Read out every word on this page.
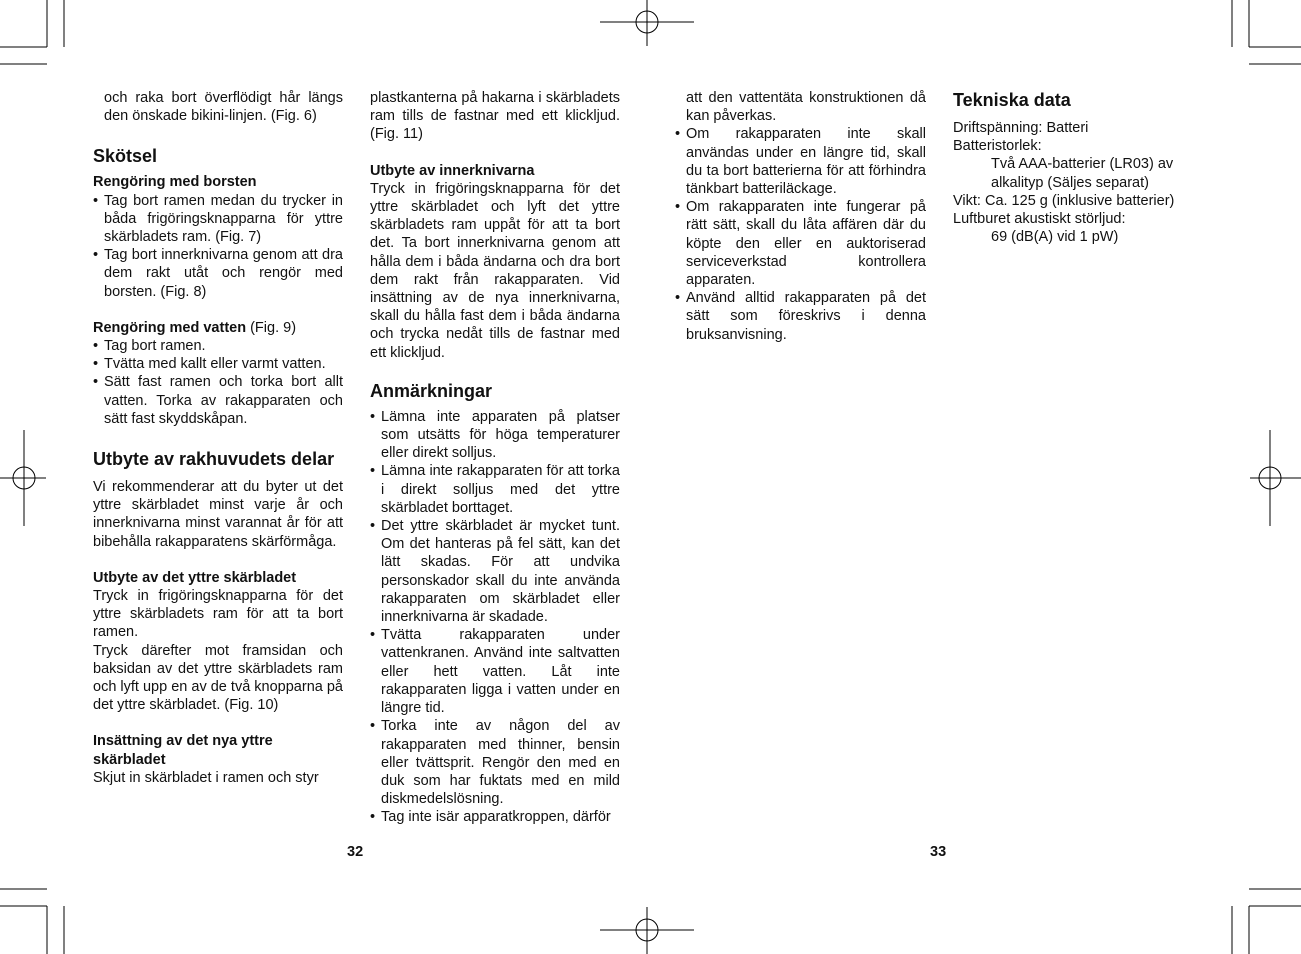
och raka bort överflödigt hår längs den önskade bikini-linjen. (Fig. 6)

Skötsel
Rengöring med borsten
• Tag bort ramen medan du trycker in båda frigöringsknapparna för yttre skärbladets ram. (Fig. 7)
• Tag bort innerknivarna genom att dra dem rakt utåt och rengör med borsten. (Fig. 8)

Rengöring med vatten (Fig. 9)

• Tag bort ramen.
• Tvätta med kallt eller varmt vatten.
• Sätt fast ramen och torka bort allt vatten. Torka av rakapparaten och sätt fast skyddskåpan.
Utbyte av rakhuvudets delar

Vi rekommenderar att du byter ut det yttre skärbladet minst varje år och innerknivarna minst varannat år för att bibehålla rakapparatens skärförmåga.

Utbyte av det yttre skärbladet

Tryck in frigöringsknapparna för det yttre skärbladets ram för att ta bort ramen.

Tryck därefter mot framsidan och baksidan av det yttre skärbladets ram och lyft upp en av de två knopparna på det yttre skärbladet. (Fig. 10)

Insättning av det nya yttre skärbladet

Skjut in skärbladet i ramen och styr

plastkanterna på hakarna i skärbladets ram tills de fastnar med ett klickljud. (Fig. 11)

Utbyte av innerknivarna

Tryck in frigöringsknapparna för det yttre skärbladet och lyft det yttre skärbladets ram uppåt för att ta bort det. Ta bort innerknivarna genom att hålla dem i båda ändarna och dra bort dem rakt från rakapparaten. Vid insättning av de nya innerknivarna, skall du hålla fast dem i båda ändarna och trycka nedåt tills de fastnar med ett klickljud.

Anmärkningar
• Lämna inte apparaten på platser som utsätts för höga temperaturer eller direkt solljus.
• Lämna inte rakapparaten för att torka i direkt solljus med det yttre skärbladet borttaget.
• Det yttre skärbladet är mycket tunt. Om det hanteras på fel sätt, kan det lätt skadas. För att undvika personskador skall du inte använda rakapparaten om skärbladet eller innerknivarna är skadade.
• Tvätta rakapparaten under vattenkranen. Använd inte saltvatten eller hett vatten. Låt inte rakapparaten ligga i vatten under en längre tid.
• Torka inte av någon del av rakapparaten med thinner, bensin eller tvättsprit. Rengör den med en duk som har fuktats med en mild diskmedelslösning.
• Tag inte isär apparatkroppen, därför

att den vattentäta konstruktionen då kan påverkas.

• Om rakapparaten inte skall användas under en längre tid, skall du ta bort batterierna för att förhindra tänkbart batteriläckage.
• Om rakapparaten inte fungerar på rätt sätt, skall du låta affären där du köpte den eller en auktoriserad serviceverkstad kontrollera apparaten.
• Använd alltid rakapparaten på det sätt som föreskrivs i denna bruksanvisning.
Tekniska data
Driftspänning: Batteri
Batteristorlek:
Två AAA-batterier (LR03) av alkalityp (Säljes separat)
Vikt: Ca. 125 g (inklusive batterier)
Luftburet akustiskt störljud:
69 (dB(A) vid 1 pW)
32	33
